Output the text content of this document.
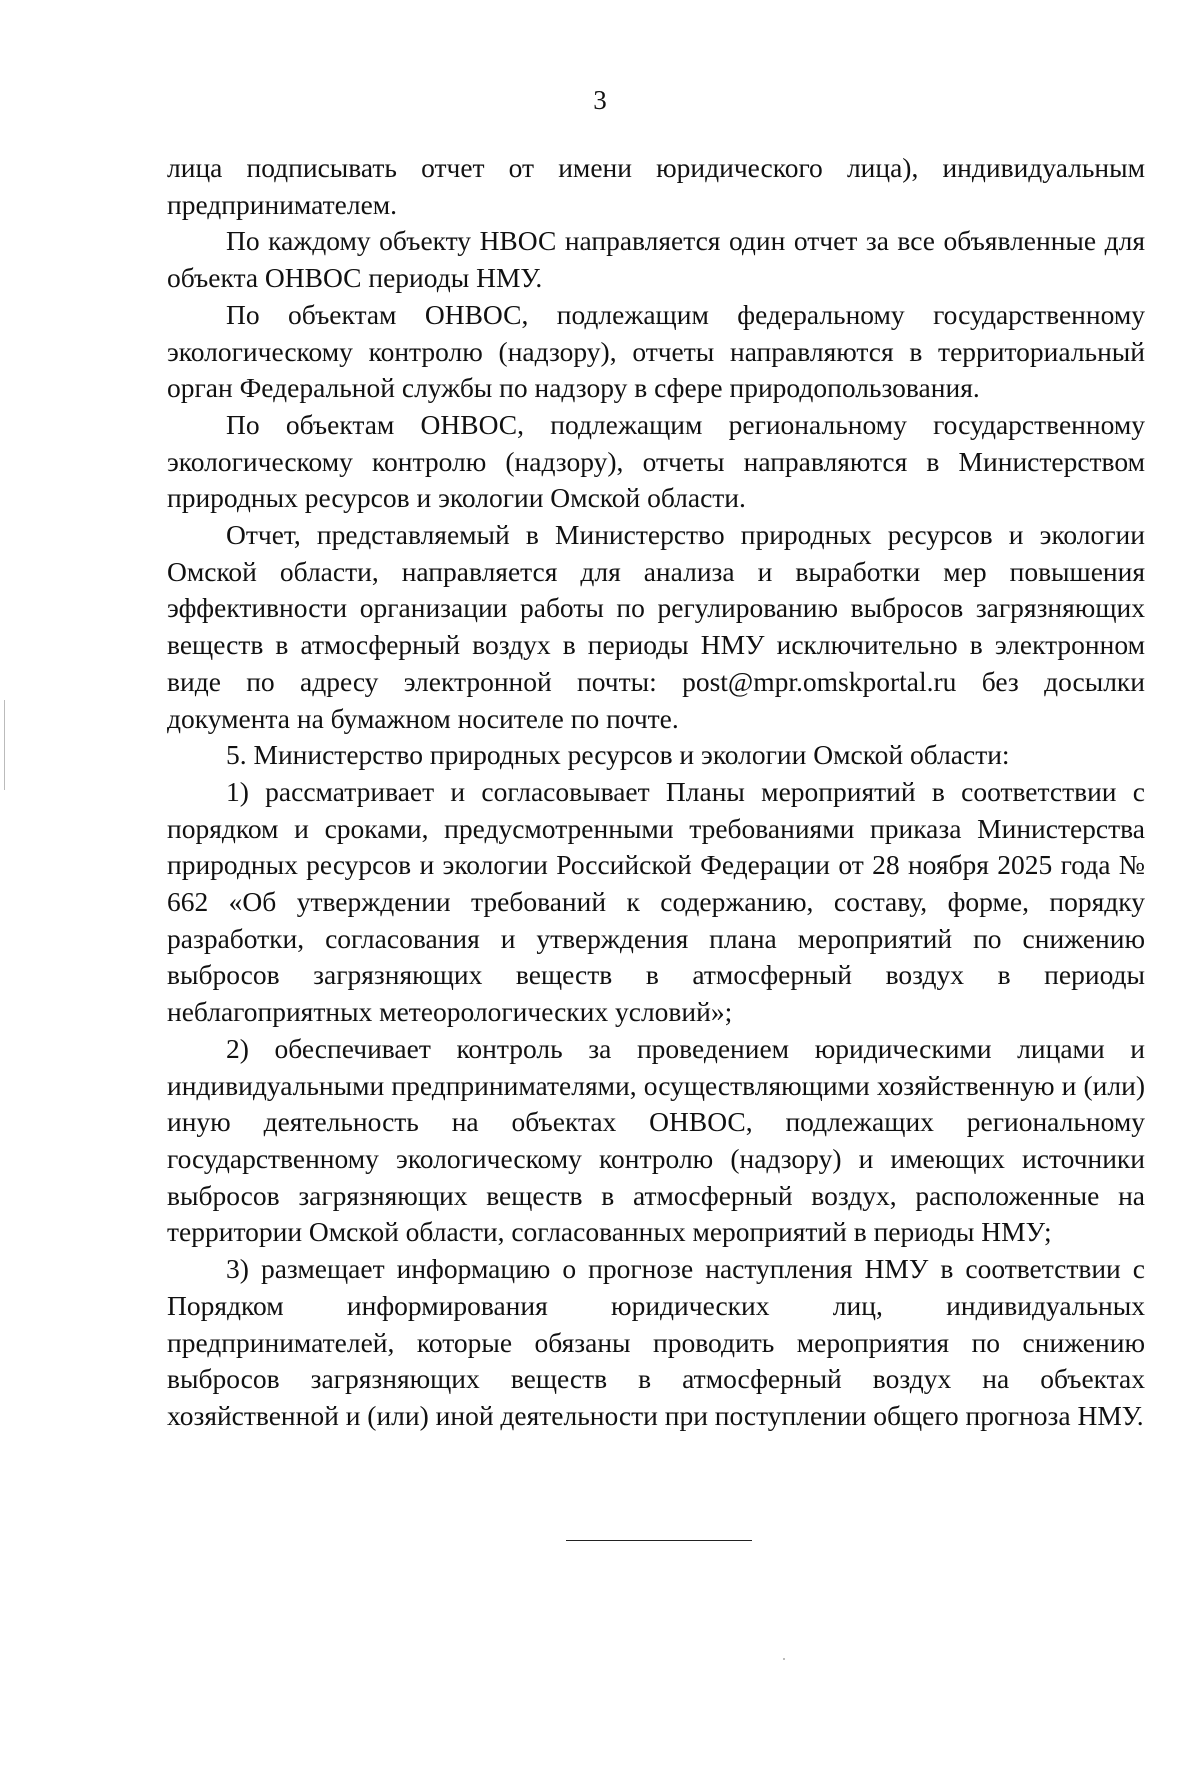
3

лица подписывать отчет от имени юридического лица), индивидуальным предпринимателем.

По каждому объекту НВОС направляется один отчет за все объявленные для объекта ОНВОС периоды НМУ.

По объектам ОНВОС, подлежащим федеральному государственному экологическому контролю (надзору), отчеты направляются в территориальный орган Федеральной службы по надзору в сфере природопользования.

По объектам ОНВОС, подлежащим региональному государственному экологическому контролю (надзору), отчеты направляются в Министерством природных ресурсов и экологии Омской области.

Отчет, представляемый в Министерство природных ресурсов и экологии Омской области, направляется для анализа и выработки мер повышения эффективности организации работы по регулированию выбросов загрязняющих веществ в атмосферный воздух в периоды НМУ исключительно в электронном виде по адресу электронной почты: post@mpr.omskportal.ru без досылки документа на бумажном носителе по почте.

5. Министерство природных ресурсов и экологии Омской области:

1) рассматривает и согласовывает Планы мероприятий в соответствии с порядком и сроками, предусмотренными требованиями приказа Министерства природных ресурсов и экологии Российской Федерации от 28 ноября 2025 года № 662 «Об утверждении требований к содержанию, составу, форме, порядку разработки, согласования и утверждения плана мероприятий по снижению выбросов загрязняющих веществ в атмосферный воздух в периоды неблагоприятных метеорологических условий»;

2) обеспечивает контроль за проведением юридическими лицами и индивидуальными предпринимателями, осуществляющими хозяйственную и (или) иную деятельность на объектах ОНВОС, подлежащих региональному государственному экологическому контролю (надзору) и имеющих источники выбросов загрязняющих веществ в атмосферный воздух, расположенные на территории Омской области, согласованных мероприятий в периоды НМУ;

3) размещает информацию о прогнозе наступления НМУ в соответствии с Порядком информирования юридических лиц, индивидуальных предпринимателей, которые обязаны проводить мероприятия по снижению выбросов загрязняющих веществ в атмосферный воздух на объектах хозяйственной и (или) иной деятельности при поступлении общего прогноза НМУ.
